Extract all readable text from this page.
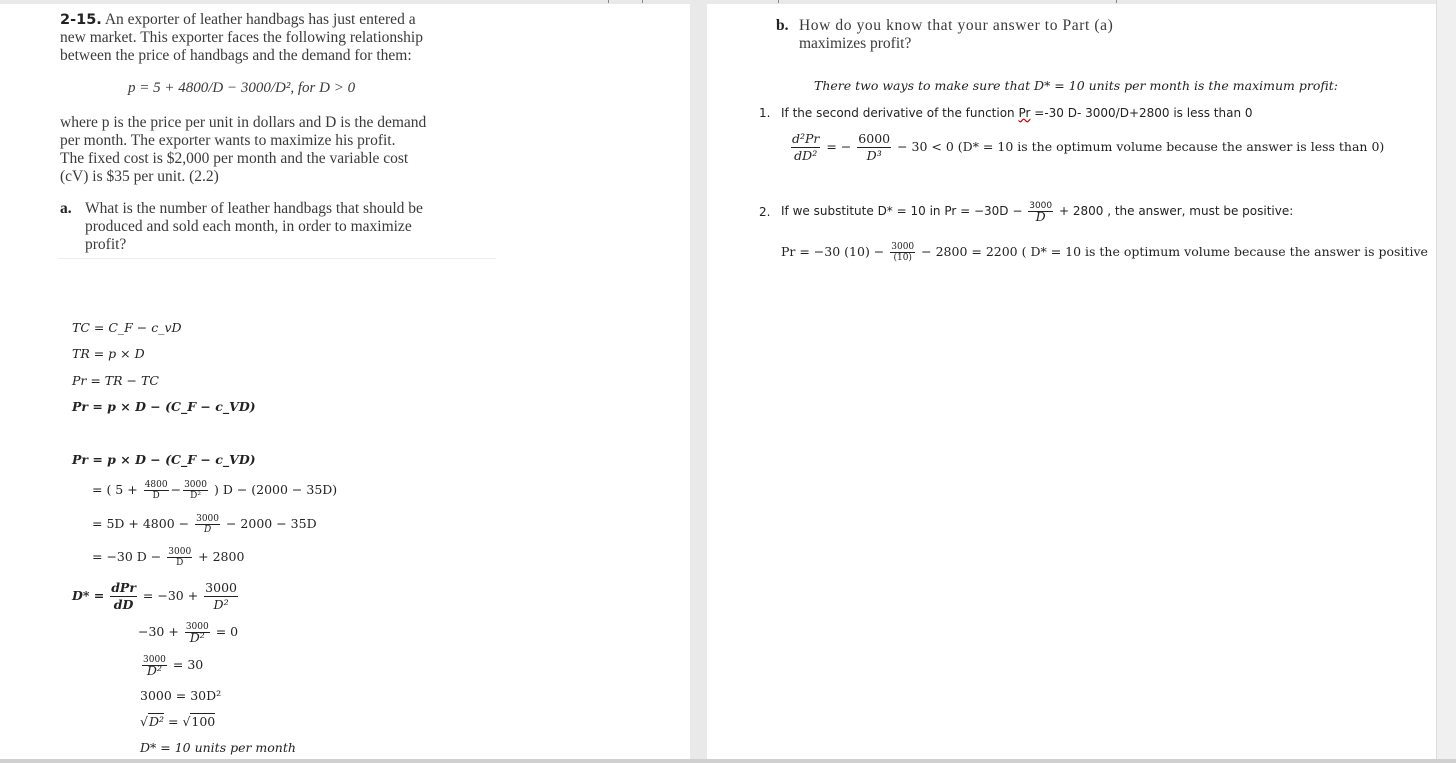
2-15. An exporter of leather handbags has just entered a
new market. This exporter faces the following relationship
between the price of handbags and the demand for them:
p = 5 + 4800/D − 3000/D², for D > 0
where p is the price per unit in dollars and D is the demand
per month. The exporter wants to maximize his profit.
The fixed cost is $2,000 per month and the variable cost
(cV) is $35 per unit. (2.2)
a. What is the number of leather handbags that should be
produced and sold each month, in order to maximize
profit?
TC = C_F − c_vD
TR = p × D
Pr = TR − TC
Pr = p × D − (C_F − c_VD)
Pr = p × D − (C_F − c_VD)
= ( $5 + \frac{4800}{D} - \frac{3000}{\text{D²}}$ ) D − (2000 − 35D)
= $5D + 4800 - \frac{3000}{D} - 2000 - 35D$
= −30 $D - \frac{3000}{D} + 2800$
$D* = \frac{\text{dPr}}{dD} = -30 + \frac{3000}{\text{D²}}$
$-30 + \frac{3000}{\text{D²}} = 0$
$\frac{3000}{\text{D²}} = 30$
3000 = 30D²
√D² = √100
D* = 10 units per month
b. How do you know that your answer to Part (a)
maximizes profit?
There two ways to make sure that D* = 10 units per month is the maximum profit:
1. If the second derivative of the function Pr =-30 D- 3000/D+2800 is less than 0
$\frac{\text{d²Pr}}{\text{dD²}}$ = − $\frac{6000}{\text{D³}} - 30 < 0$ (D* = 10 is the optimum volume because the answer is less than 0)
2. If we substitute D* = 10 in $Pr = -30D - \frac{3000}{D} + 2800$ , the answer, must be positive:
Pr = −30 $(10) - \frac{3000}{(10)} - 2800 = 2200$ ( D* = 10 is the optimum volume because the answer is positive
